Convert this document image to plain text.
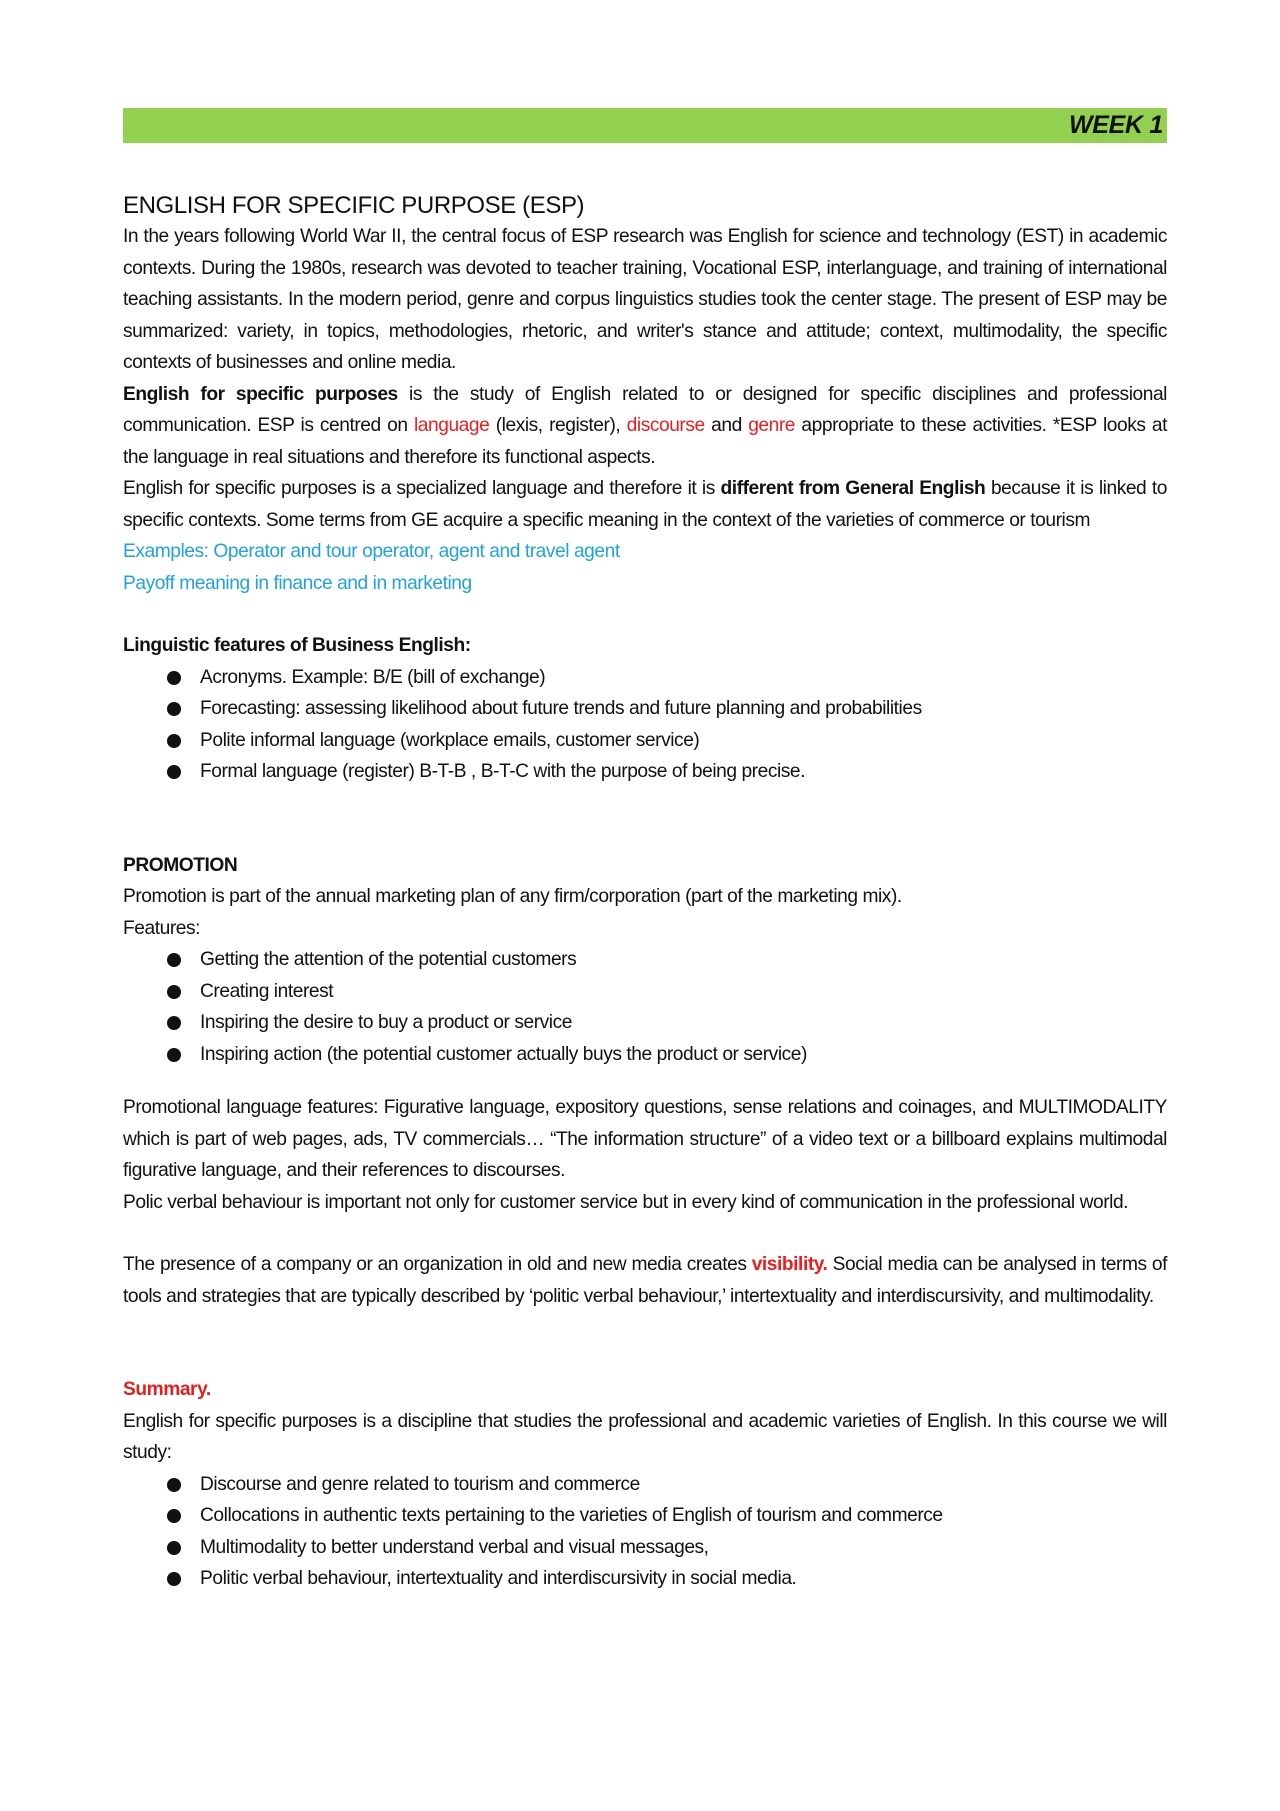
WEEK 1
ENGLISH FOR SPECIFIC PURPOSE (ESP)

In the years following World War II, the central focus of ESP research was English for science and technology (EST) in academic contexts. During the 1980s, research was devoted to teacher training, Vocational ESP, interlanguage, and training of international teaching assistants. In the modern period, genre and corpus linguistics studies took the center stage. The present of ESP may be summarized: variety, in topics, methodologies, rhetoric, and writer's stance and attitude; context, multimodality, the specific contexts of businesses and online media.

English for specific purposes is the study of English related to or designed for specific disciplines and professional communication. ESP is centred on language (lexis, register), discourse and genre appropriate to these activities. *ESP looks at the language in real situations and therefore its functional aspects.

English for specific purposes is a specialized language and therefore it is different from General English because it is linked to specific contexts. Some terms from GE acquire a specific meaning in the context of the varieties of commerce or tourism

Examples: Operator and tour operator, agent and travel agent

Payoff meaning in finance and in marketing

Linguistic features of Business English:
Acronyms. Example: B/E (bill of exchange)
Forecasting: assessing likelihood about future trends and future planning and probabilities
Polite informal language (workplace emails, customer service)
Formal language (register) B-T-B , B-T-C with the purpose of being precise.
PROMOTION

Promotion is part of the annual marketing plan of any firm/corporation (part of the marketing mix).

Features:

Getting the attention of the potential customers
Creating interest
Inspiring the desire to buy a product or service
Inspiring action (the potential customer actually buys the product or service)

Promotional language features: Figurative language, expository questions, sense relations and coinages, and MULTIMODALITY which is part of web pages, ads, TV commercials… “The information structure” of a video text or a billboard explains multimodal figurative language, and their references to discourses.

Polic verbal behaviour is important not only for customer service but in every kind of communication in the professional world.

The presence of a company or an organization in old and new media creates visibility. Social media can be analysed in terms of tools and strategies that are typically described by ‘politic verbal behaviour,’ intertextuality and interdiscursivity, and multimodality.

Summary.

English for specific purposes is a discipline that studies the professional and academic varieties of English. In this course we will study:

Discourse and genre related to tourism and commerce
Collocations in authentic texts pertaining to the varieties of English of tourism and commerce
Multimodality to better understand verbal and visual messages,
Politic verbal behaviour, intertextuality and interdiscursivity in social media.
